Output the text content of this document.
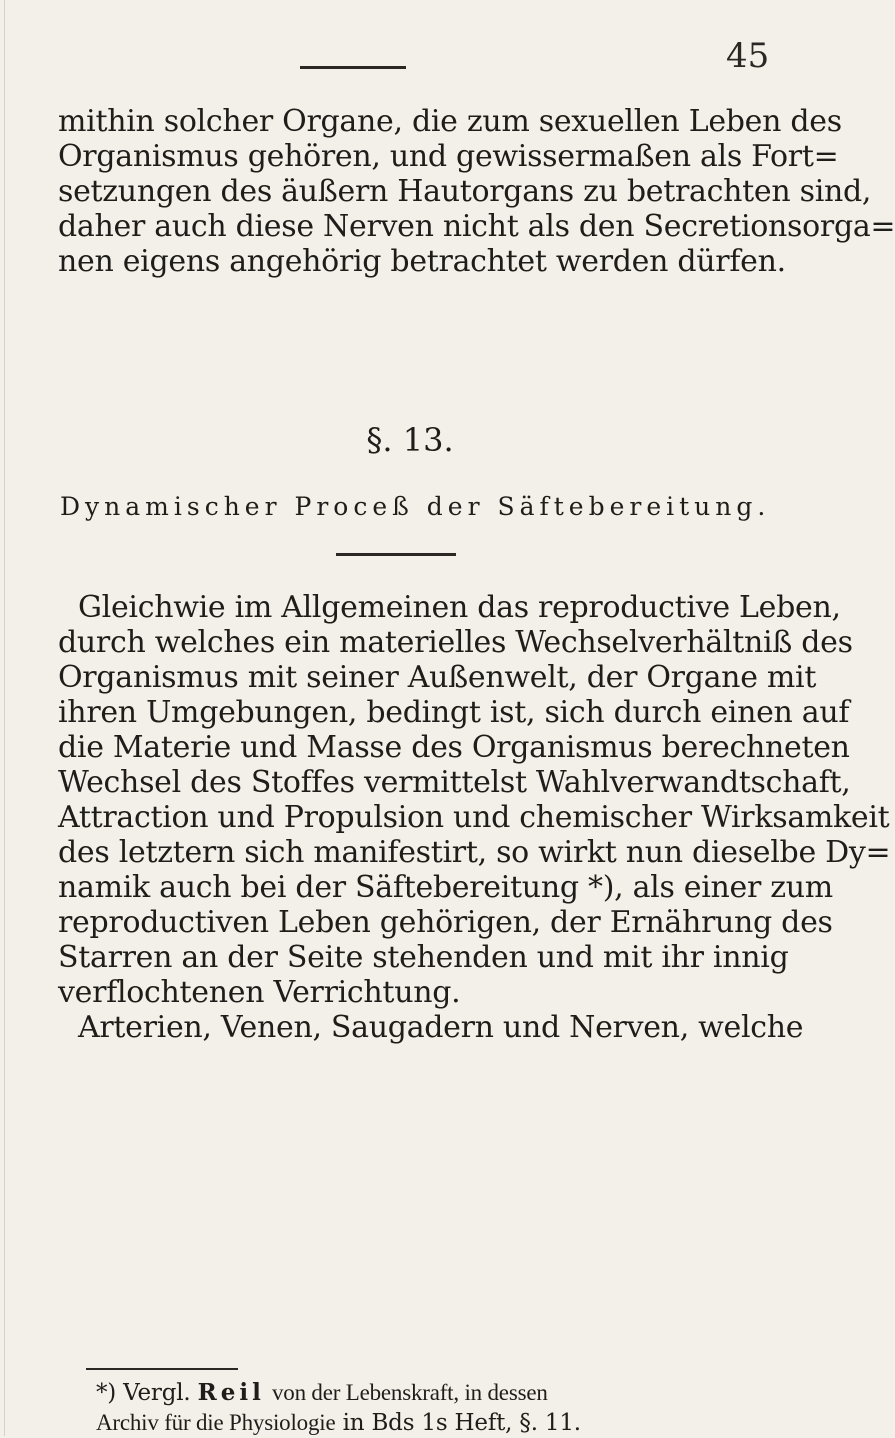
45
mithin solcher Organe, die zum sexuellen Leben des
Organismus gehören, und gewissermaßen als Fort=
setzungen des äußern Hautorgans zu betrachten sind,
daher auch diese Nerven nicht als den Secretionsorga=
nen eigens angehörig betrachtet werden dürfen.
§. 13.
Dynamischer Proceß der Säftebereitung.
Gleichwie im Allgemeinen das reproductive Leben,
durch welches ein materielles Wechselverhältniß des
Organismus mit seiner Außenwelt, der Organe mit
ihren Umgebungen, bedingt ist, sich durch einen auf
die Materie und Masse des Organismus berechneten
Wechsel des Stoffes vermittelst Wahlverwandtschaft,
Attraction und Propulsion und chemischer Wirksamkeit
des letztern sich manifestirt, so wirkt nun dieselbe Dy=
namik auch bei der Säftebereitung *), als einer zum
reproductiven Leben gehörigen, der Ernährung des
Starren an der Seite stehenden und mit ihr innig
verflochtenen Verrichtung.
Arterien, Venen, Saugadern und Nerven, welche
*) Vergl. Reil von der Lebenskraft, in dessen
Archiv für die Physiologie in Bds 1s Heft, §. 11.
